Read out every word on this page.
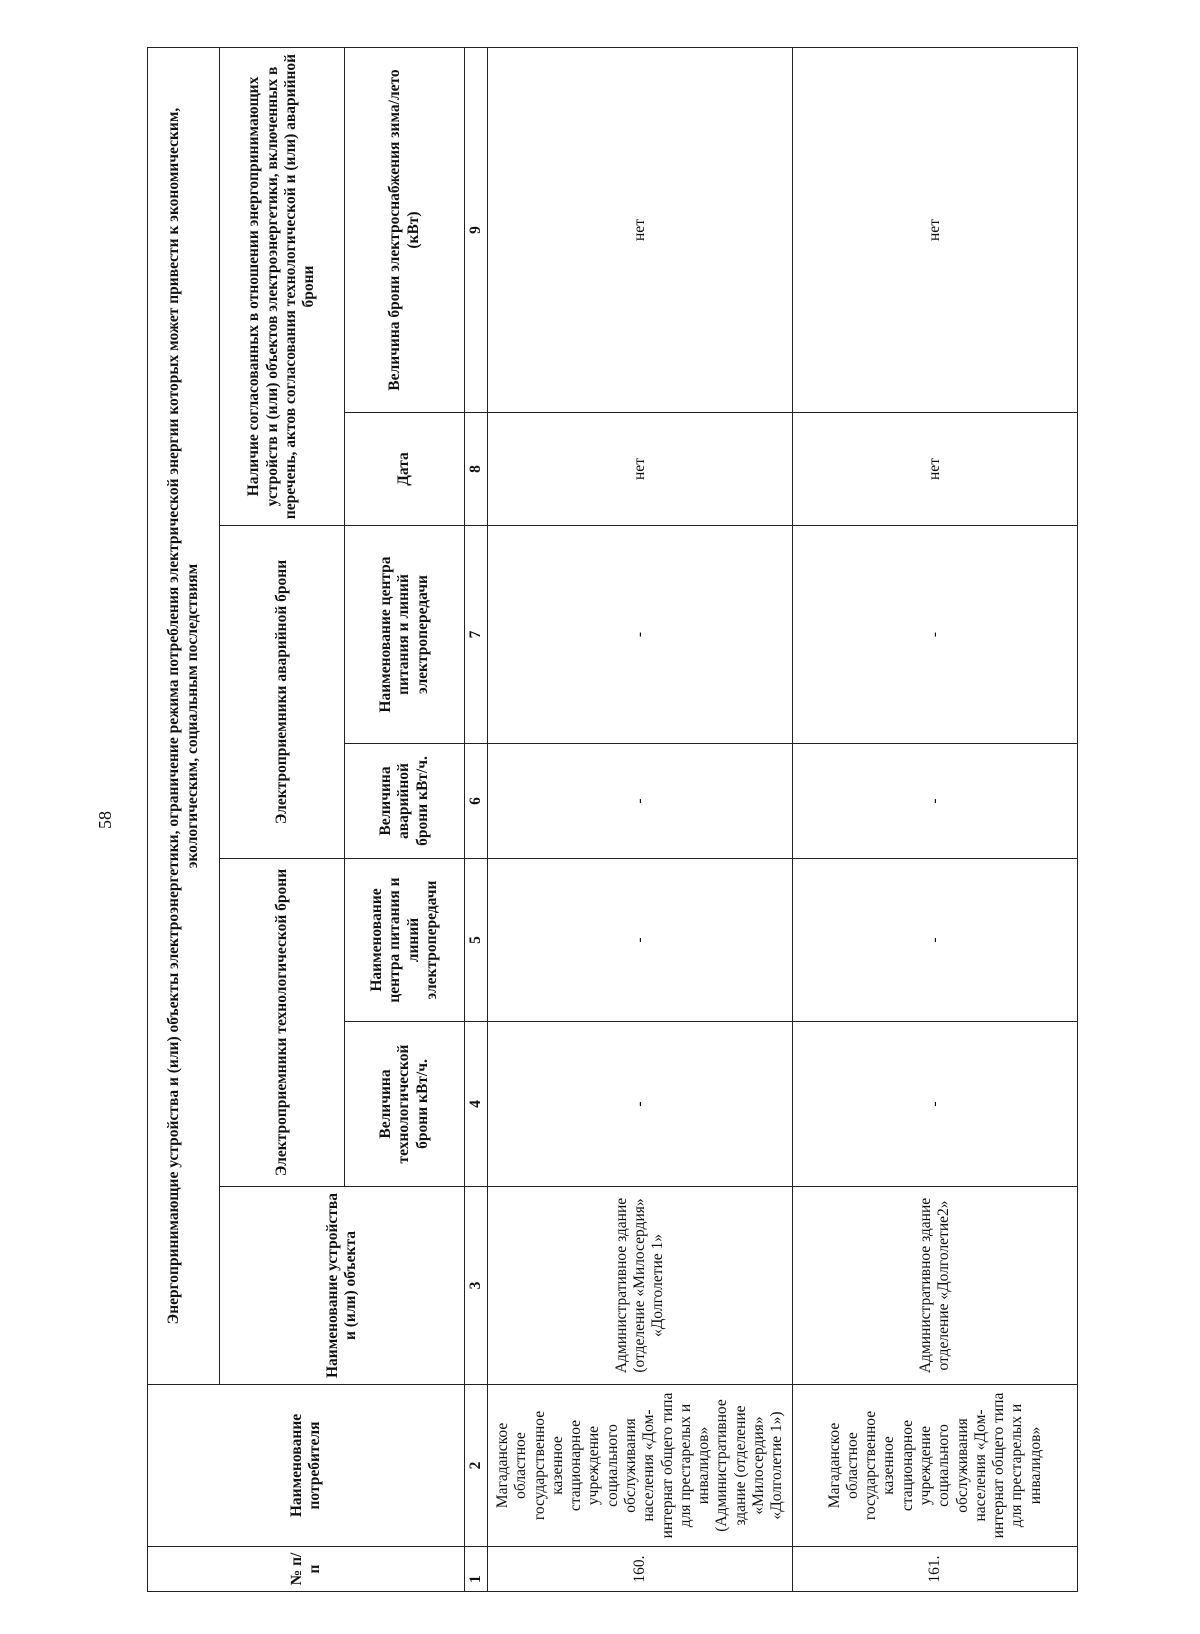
58
№ п/п	Наименование потребителя	Энергопринимающие устройства и (или) объекты электроэнергетики, ограничение режима потребления электрической энергии которых может привести к экономическим, экологическим, социальным последствиям						
		Наименование устройства и (или) объекта	Электроприемники технологической брони		Электроприемники аварийной брони		Наличие согласованных в отношении энергопринимающих устройств и (или) объектов электроэнергетики, включенных в перечень, актов согласования технологической и (или) аварийной брони	
			Величина технологической брони кВт/ч.	Наименование центра питания и линий электропередачи	Величина аварийной брони кВт/ч.	Наименование центра питания и линий электропередачи	Дата	Величина брони электроснабжения зима/лето (кВт)
1	2	3	4	5	6	7	8	9
160.	Магаданское областное государственное казенное стационарное учреждение социального обслуживания населения «Дом-интернат общего типа для престарелых и инвалидов» (Административное здание (отделение «Милосердия» «Долголетие 1»)	Административное здание (отделение «Милосердия» «Долголетие 1»	-	-	-	-	нет	нет
161.	Магаданское областное государственное казенное стационарное учреждение социального обслуживания населения «Дом-интернат общего типа для престарелых и инвалидов»	Административное здание отделение «Долголетие2»	-	-	-	-	нет	нет
